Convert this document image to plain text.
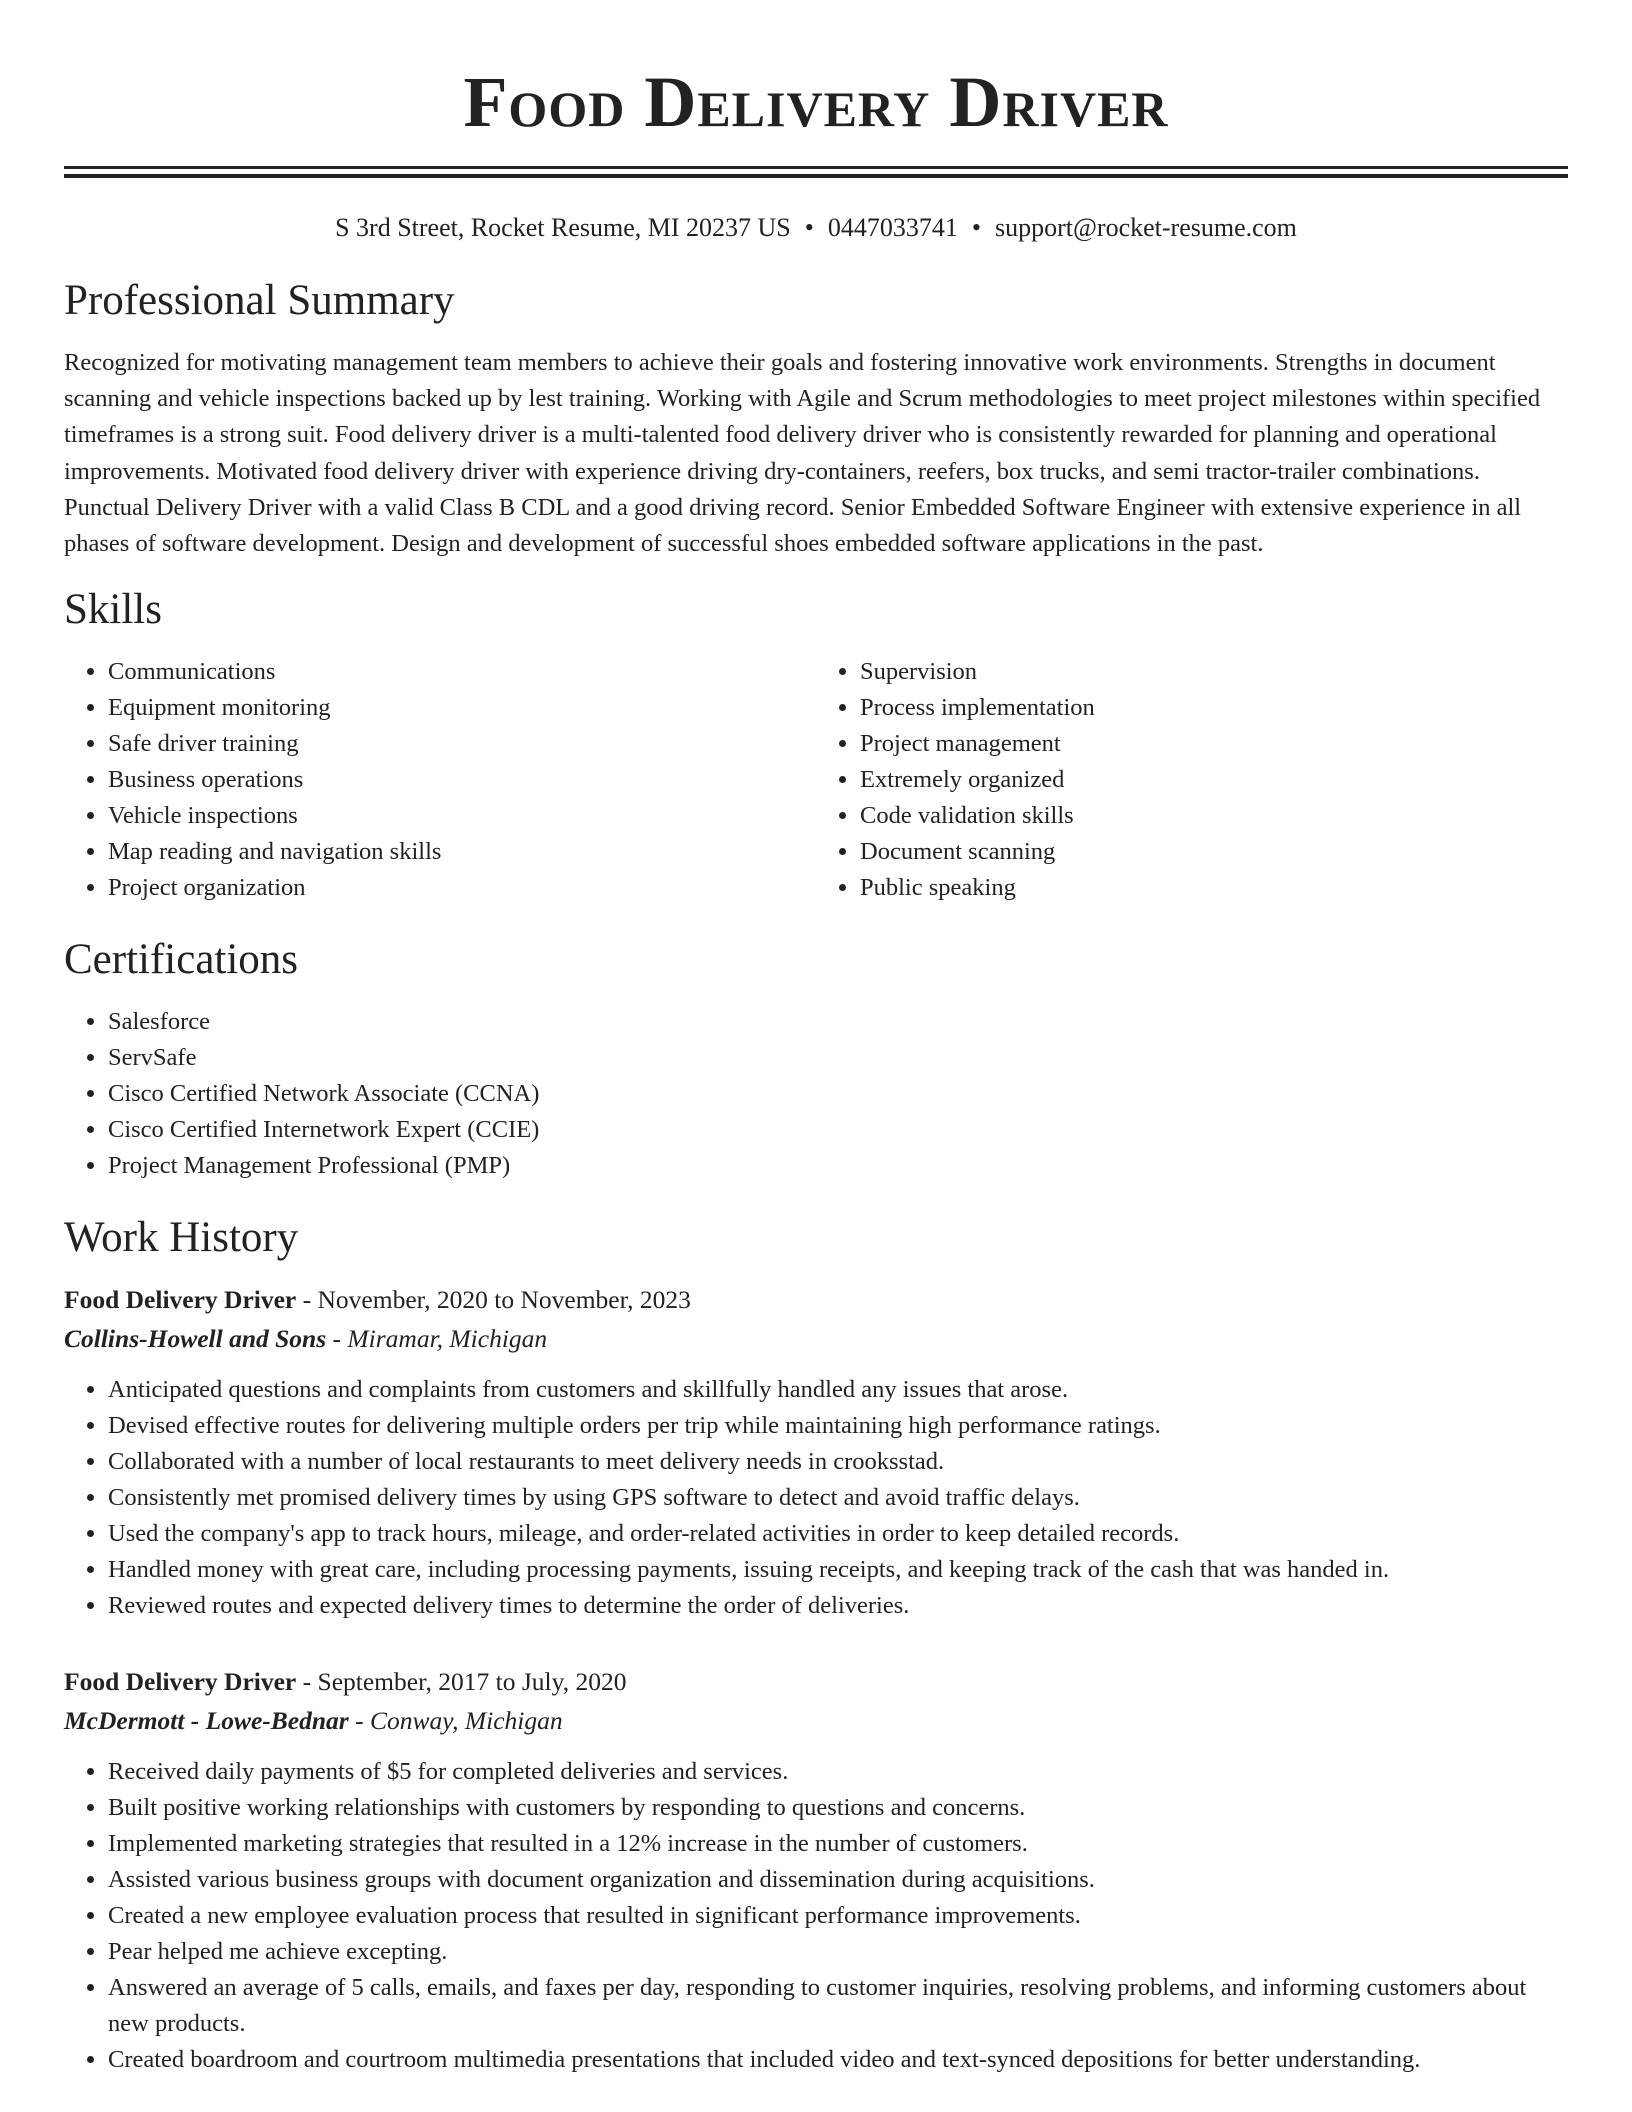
Food Delivery Driver
S 3rd Street, Rocket Resume, MI 20237 US • 0447033741 • support@rocket-resume.com
Professional Summary

Recognized for motivating management team members to achieve their goals and fostering innovative work environments. Strengths in document scanning and vehicle inspections backed up by lest training. Working with Agile and Scrum methodologies to meet project milestones within specified timeframes is a strong suit. Food delivery driver is a multi-talented food delivery driver who is consistently rewarded for planning and operational improvements. Motivated food delivery driver with experience driving dry-containers, reefers, box trucks, and semi tractor-trailer combinations. Punctual Delivery Driver with a valid Class B CDL and a good driving record. Senior Embedded Software Engineer with extensive experience in all phases of software development. Design and development of successful shoes embedded software applications in the past.

Skills
• Communications
• Equipment monitoring
• Safe driver training
• Business operations
• Vehicle inspections
• Map reading and navigation skills
• Project organization
• Supervision
• Process implementation
• Project management
• Extremely organized
• Code validation skills
• Document scanning
• Public speaking
Certifications
• Salesforce
• ServSafe
• Cisco Certified Network Associate (CCNA)
• Cisco Certified Internetwork Expert (CCIE)
• Project Management Professional (PMP)
Work History
Food Delivery Driver - November, 2020 to November, 2023
Collins-Howell and Sons - Miramar, Michigan
• Anticipated questions and complaints from customers and skillfully handled any issues that arose.
• Devised effective routes for delivering multiple orders per trip while maintaining high performance ratings.
• Collaborated with a number of local restaurants to meet delivery needs in crooksstad.
• Consistently met promised delivery times by using GPS software to detect and avoid traffic delays.
• Used the company's app to track hours, mileage, and order-related activities in order to keep detailed records.
• Handled money with great care, including processing payments, issuing receipts, and keeping track of the cash that was handed in.
• Reviewed routes and expected delivery times to determine the order of deliveries.
Food Delivery Driver - September, 2017 to July, 2020
McDermott - Lowe-Bednar - Conway, Michigan
• Received daily payments of $5 for completed deliveries and services.
• Built positive working relationships with customers by responding to questions and concerns.
• Implemented marketing strategies that resulted in a 12% increase in the number of customers.
• Assisted various business groups with document organization and dissemination during acquisitions.
• Created a new employee evaluation process that resulted in significant performance improvements.
• Pear helped me achieve excepting.
• Answered an average of 5 calls, emails, and faxes per day, responding to customer inquiries, resolving problems, and informing customers about new products.
• Created boardroom and courtroom multimedia presentations that included video and text-synced depositions for better understanding.
